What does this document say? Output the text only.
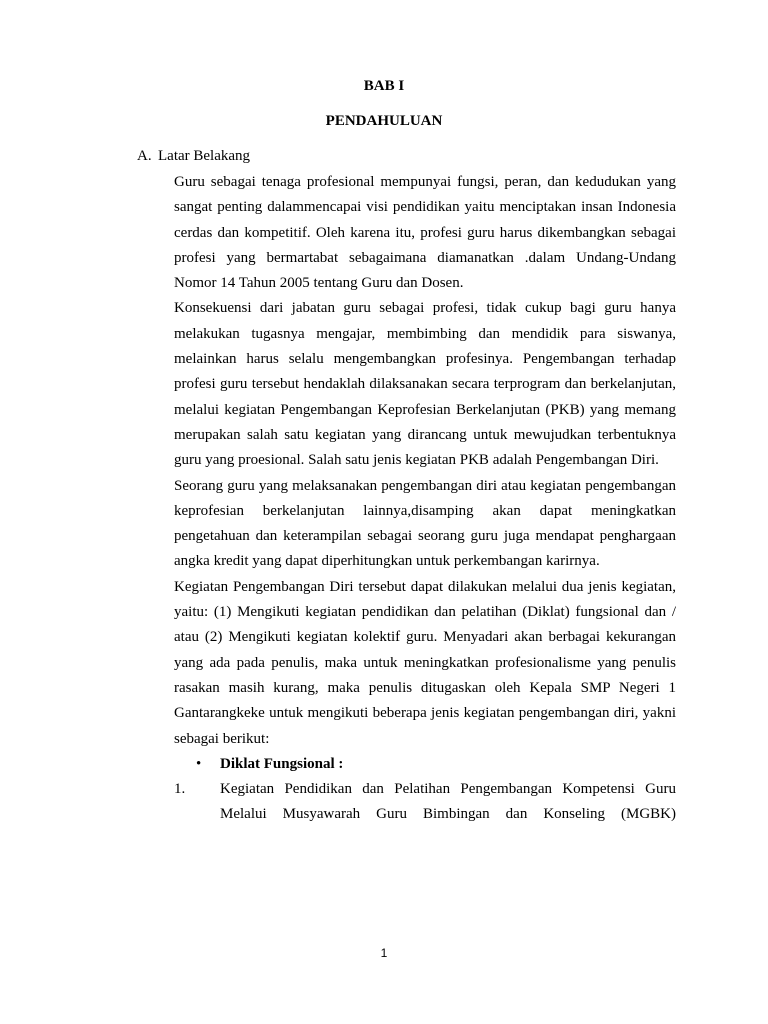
BAB I
PENDAHULUAN
A. Latar Belakang

Guru sebagai tenaga profesional mempunyai fungsi, peran, dan kedudukan yang sangat penting dalammencapai visi pendidikan yaitu menciptakan insan Indonesia cerdas dan kompetitif. Oleh karena itu, profesi guru harus dikembangkan sebagai profesi yang bermartabat sebagaimana diamanatkan .dalam Undang-Undang Nomor 14 Tahun 2005 tentang Guru dan Dosen.

Konsekuensi dari jabatan guru sebagai profesi, tidak cukup bagi guru hanya melakukan tugasnya mengajar, membimbing dan mendidik para siswanya, melainkan harus selalu mengembangkan profesinya. Pengembangan terhadap profesi guru tersebut hendaklah dilaksanakan secara terprogram dan berkelanjutan, melalui kegiatan Pengembangan Keprofesian Berkelanjutan (PKB) yang memang merupakan salah satu kegiatan yang dirancang untuk mewujudkan terbentuknya guru yang proesional. Salah satu jenis kegiatan PKB adalah Pengembangan Diri.

Seorang guru yang melaksanakan pengembangan diri atau kegiatan pengembangan keprofesian berkelanjutan lainnya,disamping akan dapat meningkatkan pengetahuan dan keterampilan sebagai seorang guru juga mendapat penghargaan angka kredit yang dapat diperhitungkan untuk perkembangan karirnya.

Kegiatan Pengembangan Diri tersebut dapat dilakukan melalui dua jenis kegiatan, yaitu: (1) Mengikuti kegiatan pendidikan dan pelatihan (Diklat) fungsional dan / atau (2) Mengikuti kegiatan kolektif guru. Menyadari akan berbagai kekurangan yang ada pada penulis, maka untuk meningkatkan profesionalisme yang penulis rasakan masih kurang, maka penulis ditugaskan oleh Kepala SMP Negeri 1 Gantarangkeke untuk mengikuti beberapa jenis kegiatan pengembangan diri, yakni sebagai berikut:

•	Diklat Fungsional :
1.	Kegiatan Pendidikan dan Pelatihan Pengembangan Kompetensi Guru Melalui Musyawarah Guru Bimbingan dan Konseling (MGBK)
1
